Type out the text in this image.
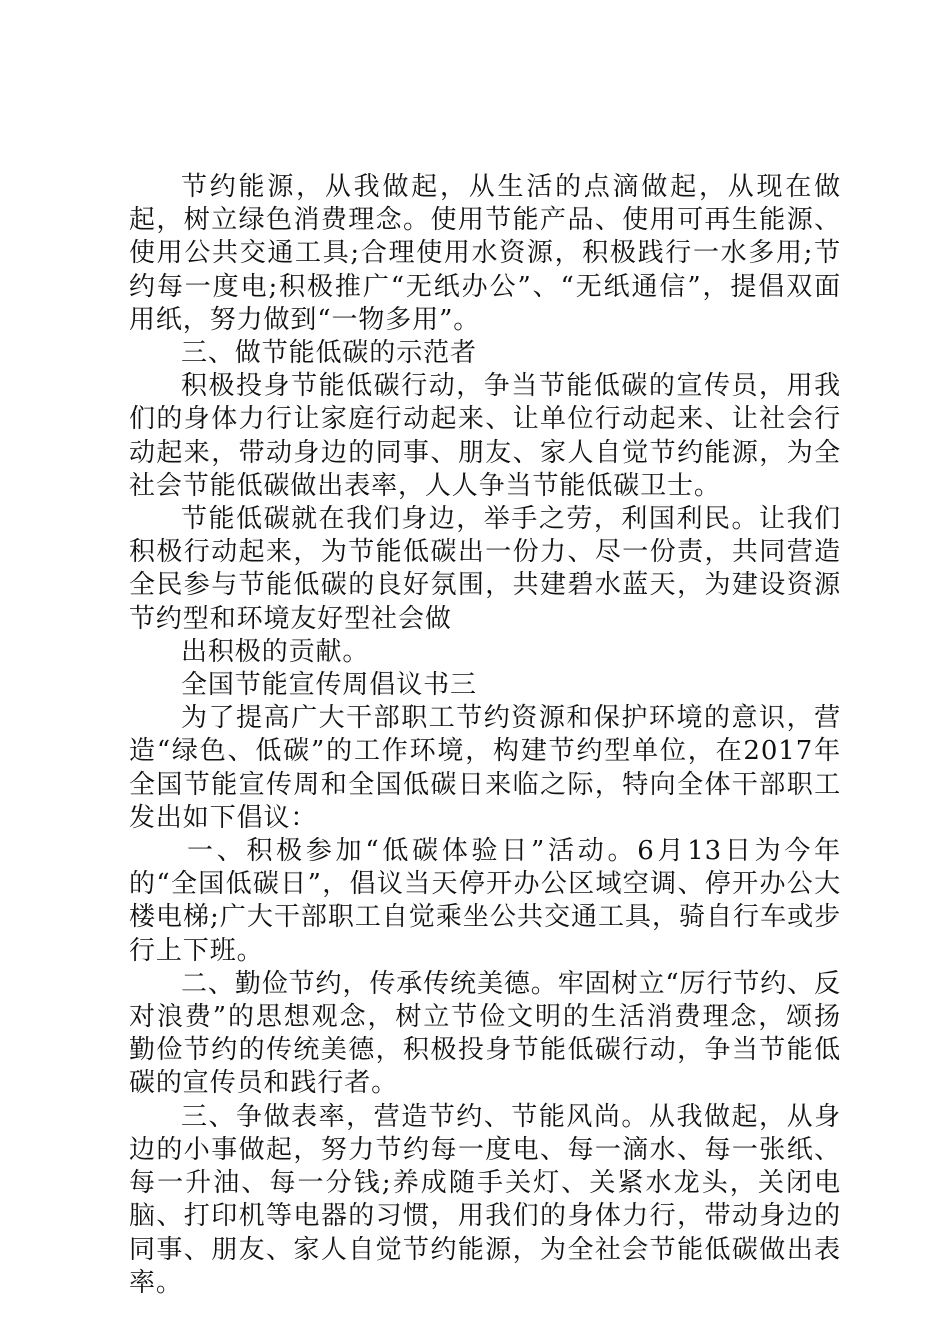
节约能源，从我做起，从生活的点滴做起，从现在做起，树立绿色消费理念。使用节能产品、使用可再生能源、使用公共交通工具;合理使用水资源，积极践行一水多用;节约每一度电;积极推广“无纸办公”、“无纸通信”，提倡双面用纸，努力做到“一物多用”。

三、做节能低碳的示范者

积极投身节能低碳行动，争当节能低碳的宣传员，用我们的身体力行让家庭行动起来、让单位行动起来、让社会行动起来，带动身边的同事、朋友、家人自觉节约能源，为全社会节能低碳做出表率，人人争当节能低碳卫士。

节能低碳就在我们身边，举手之劳，利国利民。让我们积极行动起来，为节能低碳出一份力、尽一份责，共同营造全民参与节能低碳的良好氛围，共建碧水蓝天，为建设资源节约型和环境友好型社会做

出积极的贡献。

全国节能宣传周倡议书三

为了提高广大干部职工节约资源和保护环境的意识，营造“绿色、低碳”的工作环境，构建节约型单位，在2017年全国节能宣传周和全国低碳日来临之际，特向全体干部职工发出如下倡议：

一、积极参加“低碳体验日”活动。6月13日为今年的“全国低碳日”，倡议当天停开办公区域空调、停开办公大楼电梯;广大干部职工自觉乘坐公共交通工具，骑自行车或步行上下班。

二、勤俭节约，传承传统美德。牢固树立“厉行节约、反对浪费”的思想观念，树立节俭文明的生活消费理念，颂扬勤俭节约的传统美德，积极投身节能低碳行动，争当节能低碳的宣传员和践行者。

三、争做表率，营造节约、节能风尚。从我做起，从身边的小事做起，努力节约每一度电、每一滴水、每一张纸、每一升油、每一分钱;养成随手关灯、关紧水龙头，关闭电脑、打印机等电器的习惯，用我们的身体力行，带动身边的同事、朋友、家人自觉节约能源，为全社会节能低碳做出表率。
